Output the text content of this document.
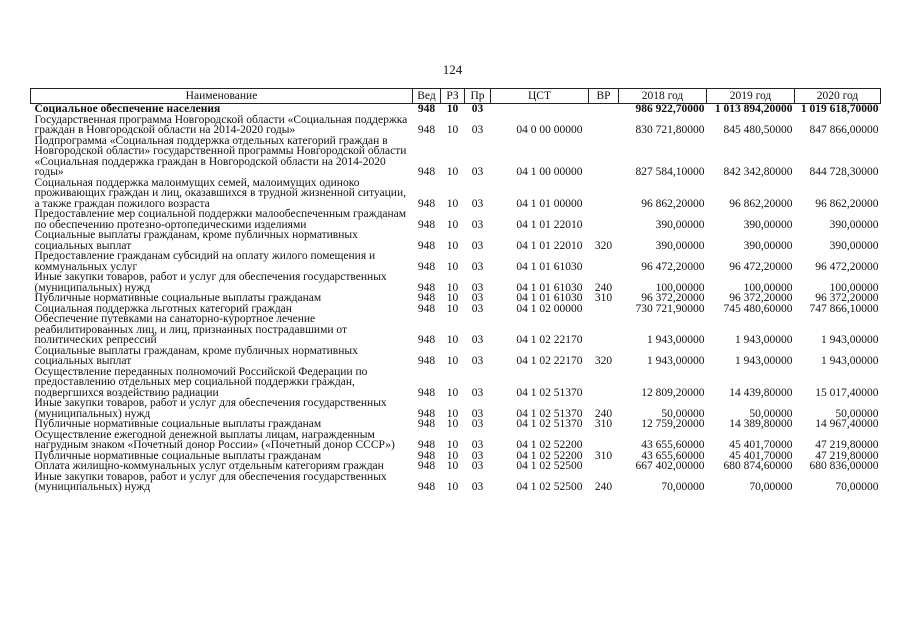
124
Наименование	Вед	РЗ	Пр	ЦСТ	ВР	2018 год	2019 год	2020 год
Социальное обеспечение населения	948	10	03			986 922,70000	1 013 894,20000	1 019 618,70000
Государственная программа Новгородской области «Социальная поддержка граждан в Новгородской области на 2014-2020 годы»	948	10	03	04 0 00 00000		830 721,80000	845 480,50000	847 866,00000
Подпрограмма «Социальная поддержка отдельных категорий граждан в Новгородской области» государственной программы Новгородской области «Социальная поддержка граждан в Новгородской области на 2014-2020 годы»	948	10	03	04 1 00 00000		827 584,10000	842 342,80000	844 728,30000
Социальная поддержка малоимущих семей, малоимущих одиноко проживающих граждан и лиц, оказавшихся в трудной жизненной ситуации, а также граждан пожилого возраста	948	10	03	04 1 01 00000		96 862,20000	96 862,20000	96 862,20000
Предоставление мер социальной поддержки малообеспеченным гражданам по обеспечению протезно-ортопедическими изделиями	948	10	03	04 1 01 22010		390,00000	390,00000	390,00000
Социальные выплаты гражданам, кроме публичных нормативных социальных выплат	948	10	03	04 1 01 22010	320	390,00000	390,00000	390,00000
Предоставление гражданам субсидий на оплату жилого помещения и коммунальных услуг	948	10	03	04 1 01 61030		96 472,20000	96 472,20000	96 472,20000
Иные закупки товаров, работ и услуг для обеспечения государственных (муниципальных) нужд	948	10	03	04 1 01 61030	240	100,00000	100,00000	100,00000
Публичные нормативные социальные выплаты гражданам	948	10	03	04 1 01 61030	310	96 372,20000	96 372,20000	96 372,20000
Социальная поддержка льготных категорий граждан	948	10	03	04 1 02 00000		730 721,90000	745 480,60000	747 866,10000
Обеспечение путевками на санаторно-курортное лечение реабилитированных лиц, и лиц, признанных пострадавшими от политических репрессий	948	10	03	04 1 02 22170		1 943,00000	1 943,00000	1 943,00000
Социальные выплаты гражданам, кроме публичных нормативных социальных выплат	948	10	03	04 1 02 22170	320	1 943,00000	1 943,00000	1 943,00000
Осуществление переданных полномочий Российской Федерации по предоставлению отдельных мер социальной поддержки граждан, подвергшихся воздействию радиации	948	10	03	04 1 02 51370		12 809,20000	14 439,80000	15 017,40000
Иные закупки товаров, работ и услуг для обеспечения государственных (муниципальных) нужд	948	10	03	04 1 02 51370	240	50,00000	50,00000	50,00000
Публичные нормативные социальные выплаты гражданам	948	10	03	04 1 02 51370	310	12 759,20000	14 389,80000	14 967,40000
Осуществление ежегодной денежной выплаты лицам, награжденным нагрудным знаком «Почетный донор России» («Почетный донор СССР»)	948	10	03	04 1 02 52200		43 655,60000	45 401,70000	47 219,80000
Публичные нормативные социальные выплаты гражданам	948	10	03	04 1 02 52200	310	43 655,60000	45 401,70000	47 219,80000
Оплата жилищно-коммунальных услуг отдельным категориям граждан	948	10	03	04 1 02 52500		667 402,00000	680 874,60000	680 836,00000
Иные закупки товаров, работ и услуг для обеспечения государственных (муниципальных) нужд	948	10	03	04 1 02 52500	240	70,00000	70,00000	70,00000
